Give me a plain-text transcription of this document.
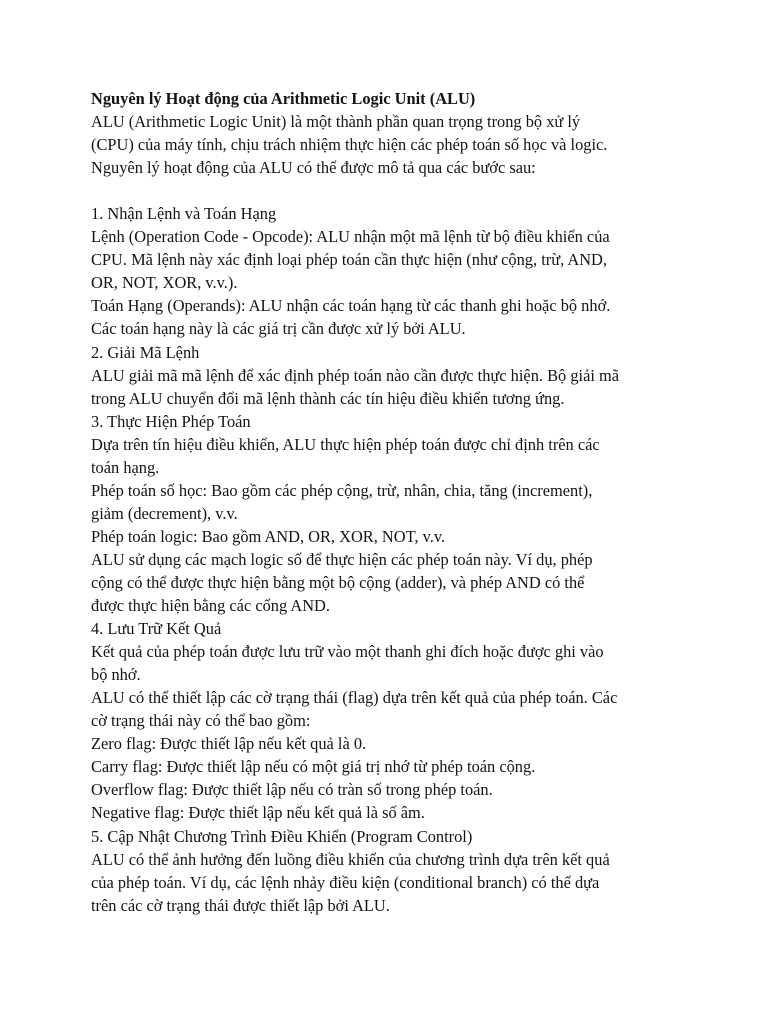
Nguyên lý Hoạt động của Arithmetic Logic Unit (ALU)
ALU (Arithmetic Logic Unit) là một thành phần quan trọng trong bộ xử lý
(CPU) của máy tính, chịu trách nhiệm thực hiện các phép toán số học và logic.
Nguyên lý hoạt động của ALU có thể được mô tả qua các bước sau:
1. Nhận Lệnh và Toán Hạng
Lệnh (Operation Code - Opcode): ALU nhận một mã lệnh từ bộ điều khiển của
CPU. Mã lệnh này xác định loại phép toán cần thực hiện (như cộng, trừ, AND,
OR, NOT, XOR, v.v.).
Toán Hạng (Operands): ALU nhận các toán hạng từ các thanh ghi hoặc bộ nhớ.
Các toán hạng này là các giá trị cần được xử lý bởi ALU.
2. Giải Mã Lệnh
ALU giải mã mã lệnh để xác định phép toán nào cần được thực hiện. Bộ giải mã
trong ALU chuyển đổi mã lệnh thành các tín hiệu điều khiển tương ứng.
3. Thực Hiện Phép Toán
Dựa trên tín hiệu điều khiển, ALU thực hiện phép toán được chỉ định trên các
toán hạng.
Phép toán số học: Bao gồm các phép cộng, trừ, nhân, chia, tăng (increment),
giảm (decrement), v.v.
Phép toán logic: Bao gồm AND, OR, XOR, NOT, v.v.
ALU sử dụng các mạch logic số để thực hiện các phép toán này. Ví dụ, phép
cộng có thể được thực hiện bằng một bộ cộng (adder), và phép AND có thể
được thực hiện bằng các cổng AND.
4. Lưu Trữ Kết Quả
Kết quả của phép toán được lưu trữ vào một thanh ghi đích hoặc được ghi vào
bộ nhớ.
ALU có thể thiết lập các cờ trạng thái (flag) dựa trên kết quả của phép toán. Các
cờ trạng thái này có thể bao gồm:
Zero flag: Được thiết lập nếu kết quả là 0.
Carry flag: Được thiết lập nếu có một giá trị nhớ từ phép toán cộng.
Overflow flag: Được thiết lập nếu có tràn số trong phép toán.
Negative flag: Được thiết lập nếu kết quả là số âm.
5. Cập Nhật Chương Trình Điều Khiển (Program Control)
ALU có thể ảnh hưởng đến luồng điều khiển của chương trình dựa trên kết quả
của phép toán. Ví dụ, các lệnh nhảy điều kiện (conditional branch) có thể dựa
trên các cờ trạng thái được thiết lập bởi ALU.
